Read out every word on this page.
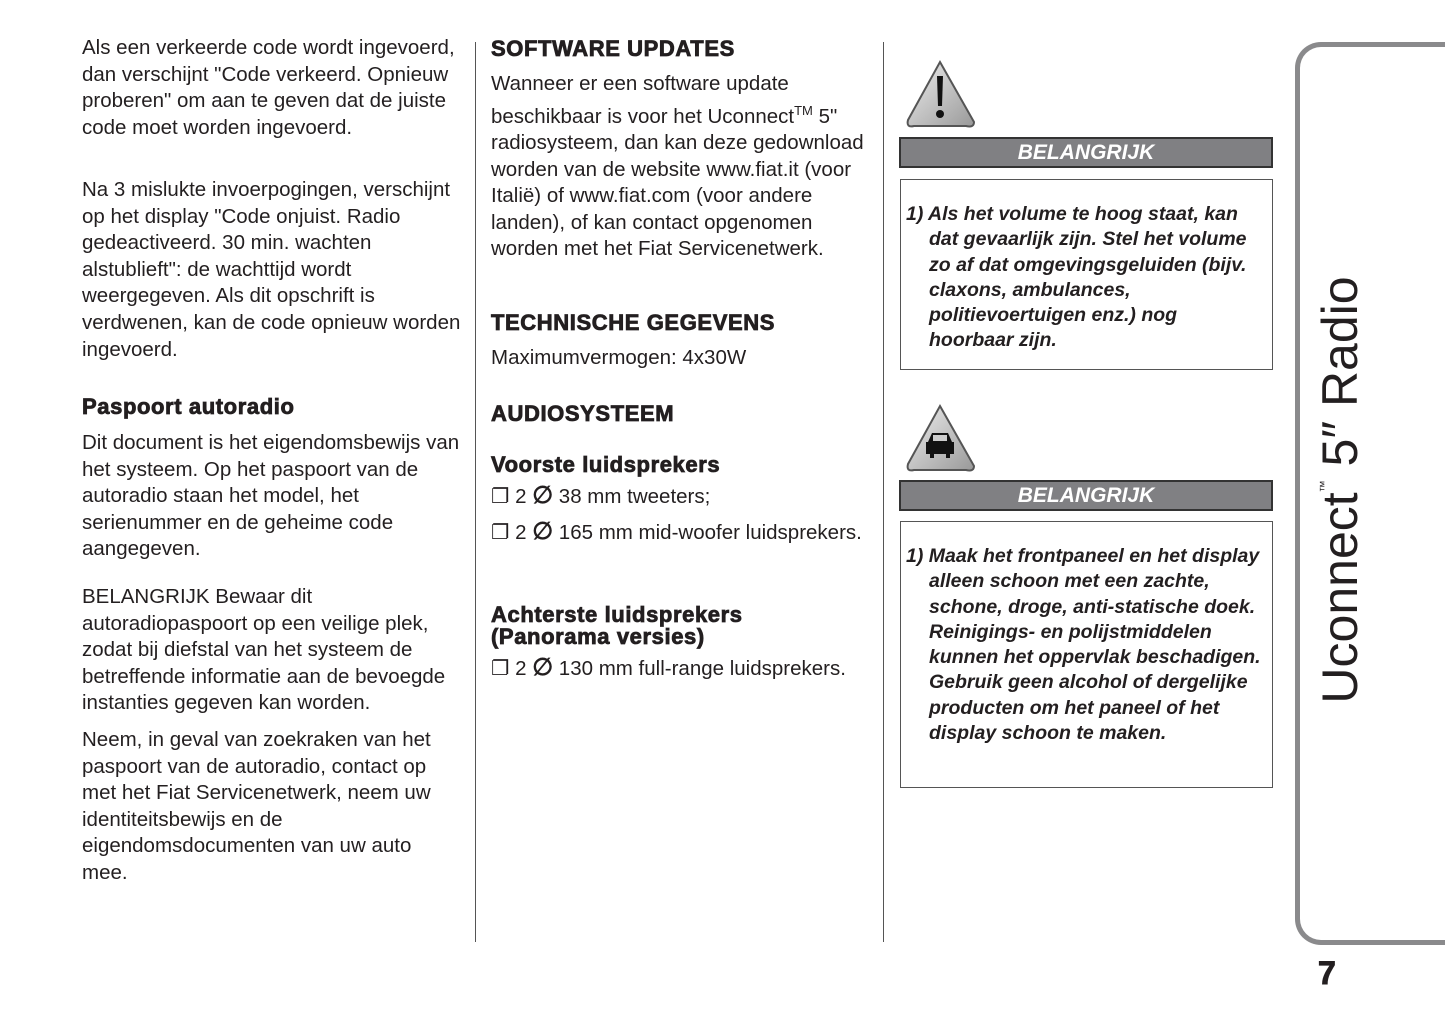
Als een verkeerde code wordt ingevoerd, dan verschijnt "Code verkeerd. Opnieuw proberen" om aan te geven dat de juiste code moet worden ingevoerd.

Na 3 mislukte invoerpogingen, verschijnt op het display "Code onjuist. Radio gedeactiveerd. 30 min. wachten alstublieft": de wachttijd wordt weergegeven. Als dit opschrift is verdwenen, kan de code opnieuw worden ingevoerd.

Paspoort autoradio

Dit document is het eigendomsbewijs van het systeem. Op het paspoort van de autoradio staan het model, het serienummer en de geheime code aangegeven.

BELANGRIJK Bewaar dit autoradiopaspoort op een veilige plek, zodat bij diefstal van het systeem de betreffende informatie aan de bevoegde instanties gegeven kan worden.

Neem, in geval van zoekraken van het paspoort van de autoradio, contact op met het Fiat Servicenetwerk, neem uw identiteitsbewijs en de eigendomsdocumenten van uw auto mee.

SOFTWARE UPDATES

Wanneer er een software update beschikbaar is voor het Uconnect™ 5" radiosysteem, dan kan deze gedownload worden van de website www.fiat.it (voor Italië) of www.fiat.com (voor andere landen), of kan contact opgenomen worden met het Fiat Servicenetwerk.

TECHNISCHE GEGEVENS

Maximumvermogen: 4x30W

AUDIOSYSTEEM
Voorste luidsprekers

❐ 2 ∅ 38 mm tweeters;

❐ 2 ∅ 165 mm mid-woofer luidsprekers.

Achterste luidsprekers (Panorama versies)

❐ 2 ∅ 130 mm full-range luidsprekers.

BELANGRIJK
1) Als het volume te hoog staat, kan dat gevaarlijk zijn. Stel het volume zo af dat omgevingsgeluiden (bijv. claxons, ambulances, politievoertuigen enz.) nog hoorbaar zijn.
BELANGRIJK
1) Maak het frontpaneel en het display alleen schoon met een zachte, schone, droge, anti-statische doek. Reinigings- en polijstmiddelen kunnen het oppervlak beschadigen. Gebruik geen alcohol of dergelijke producten om het paneel of het display schoon te maken.
Uconnect™ 5″ Radio
7
